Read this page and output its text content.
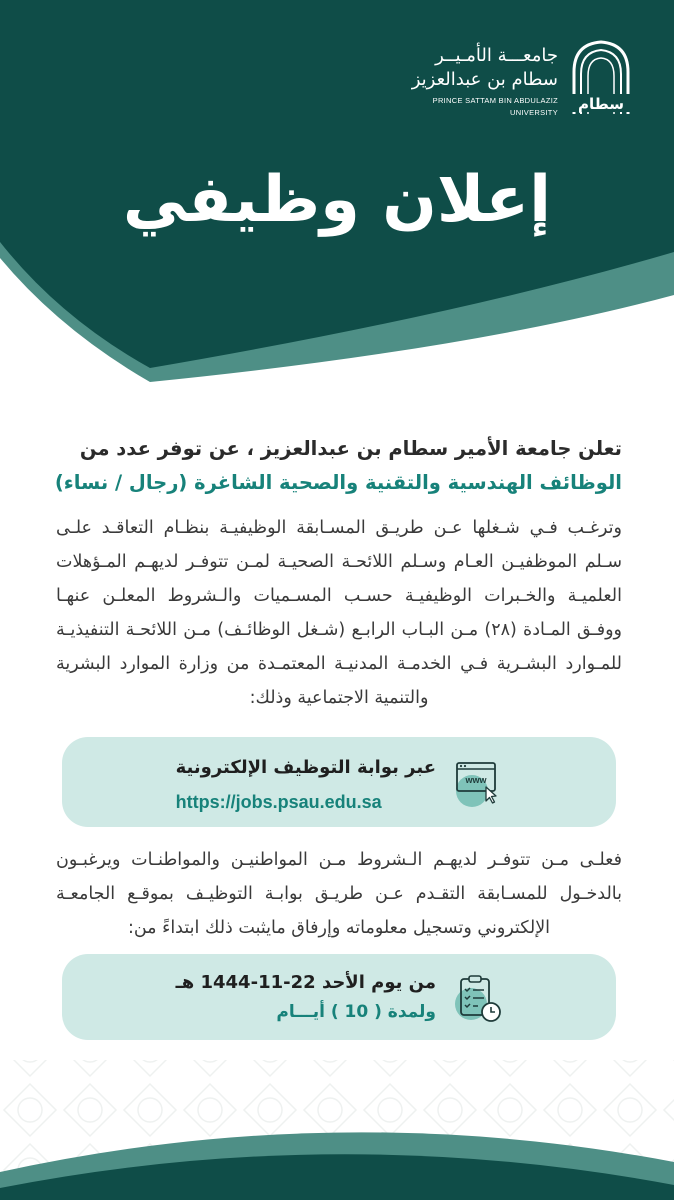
سطام
جامعـــة الأمـيــر
سطام بن عبدالعزيز
PRINCE SATTAM BIN ABDULAZIZ UNIVERSITY
إعلان وظيفي
تعلن جامعة الأمير سطام بن عبدالعزيز ، عن توفر عدد من
الوظائف الهندسية والتقنية والصحية الشاغرة (رجال / نساء)
وترغـب فـي شـغلها عـن طريـق المسـابقة الوظيفيـة بنظـام التعاقـد علـى سـلم الموظفيـن العـام وسـلم اللائحـة الصحيـة لمـن تتوفـر لديهـم المـؤهلات العلميـة والخـبرات الوظيفيـة حسـب المسـميات والـشروط المعلـن عنهـا ووفـق المـادة (٢٨) مـن البـاب الرابـع (شـغل الوظائـف) مـن اللائحـة التنفيذيـة للمـوارد البشـرية فـي الخدمـة المدنيـة المعتمـدة من وزارة الموارد البشرية والتنمية الاجتماعية وذلك:
www
عبر بوابة التوظيف الإلكترونية
https://jobs.psau.edu.sa
فعلـى مـن تتوفـر لديهـم الـشروط مـن المواطنيـن والمواطنـات ويرغبـون بالدخـول للمسـابقة التقـدم عـن طريـق بوابـة التوظيـف بموقـع الجامعـة الإلكتروني وتسجيل معلوماته وإرفاق مايثبت ذلك ابتداءً من:
من يوم الأحد 22-11-1444 هـ
ولمدة ( 10 ) أيـــام
